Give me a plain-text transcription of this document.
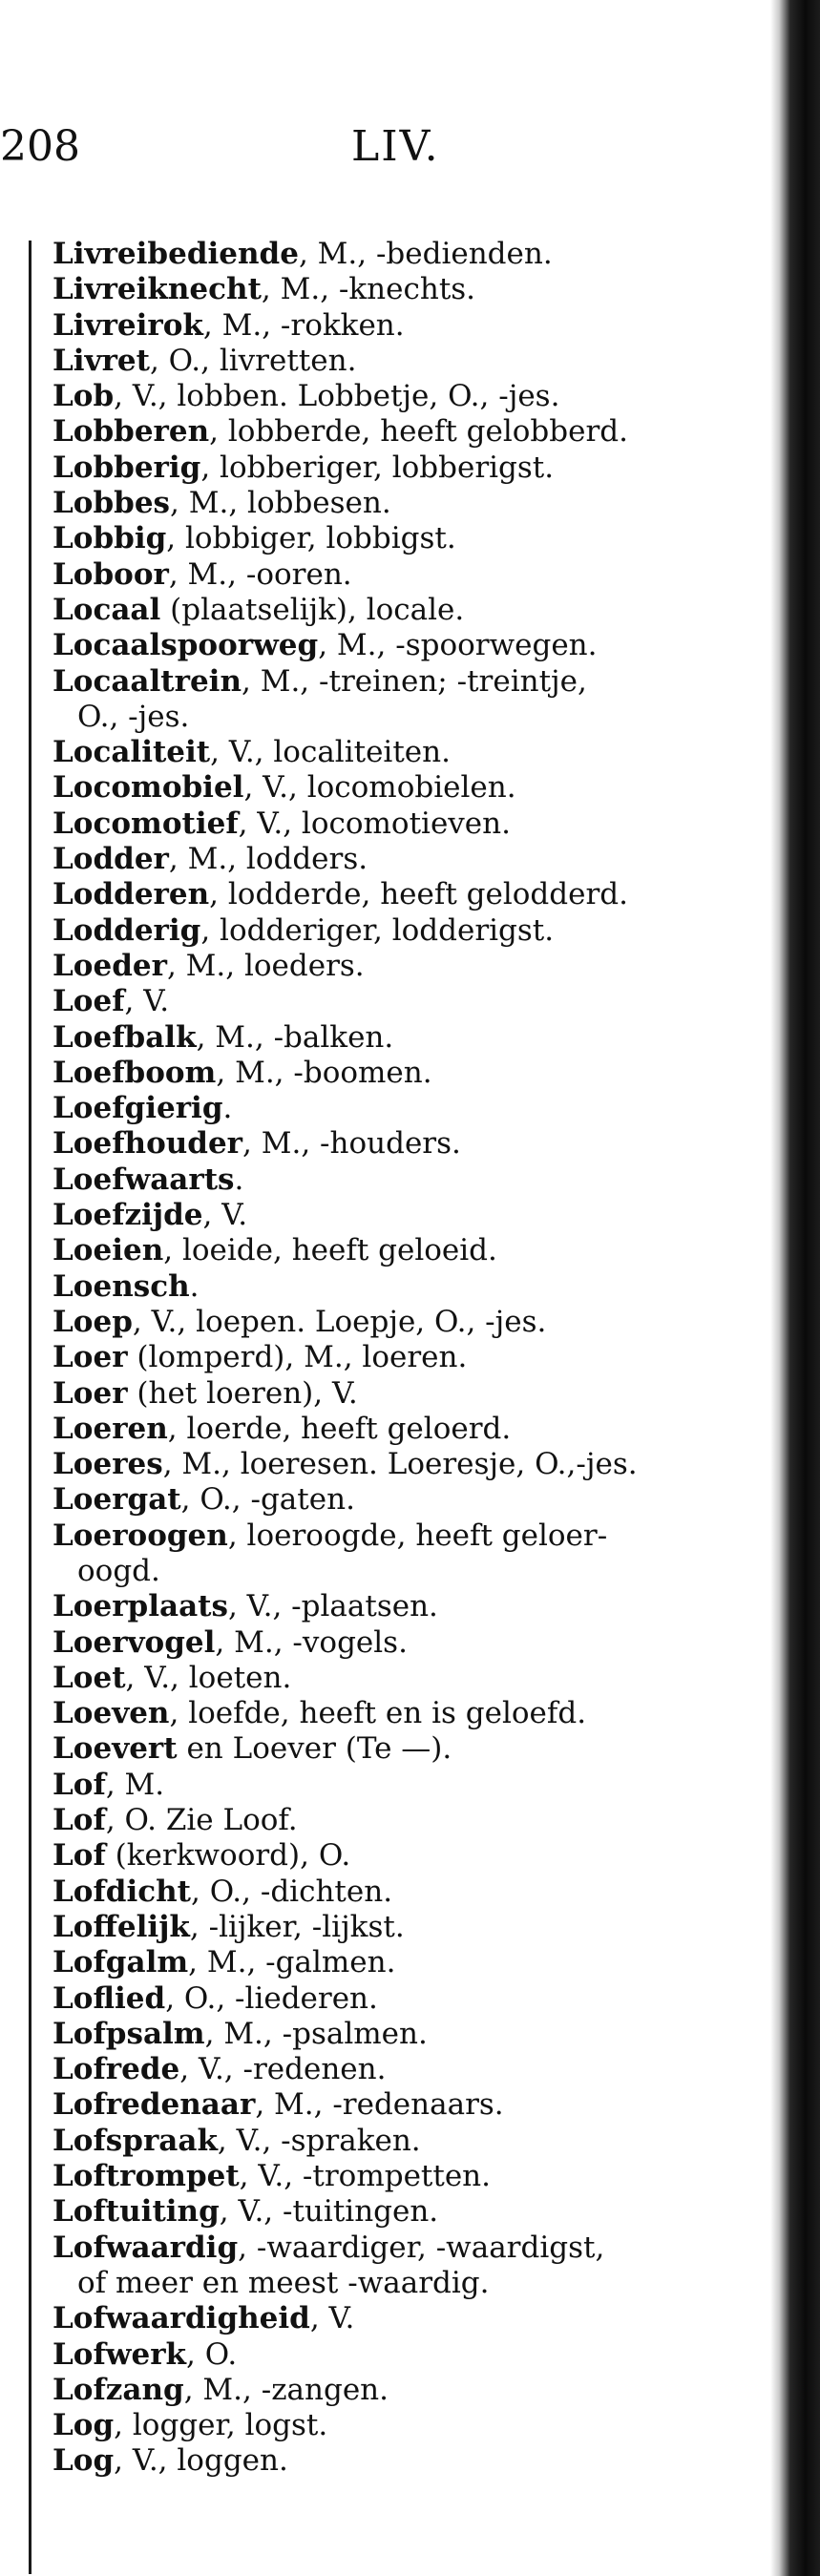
208	LIV.
Livreibediende, M., -bedienden.
Livreiknecht, M., -knechts.
Livreirok, M., -rokken.
Livret, O., livretten.
Lob, V., lobben. Lobbetje, O., -jes.
Lobberen, lobberde, heeft gelobberd.
Lobberig, lobberiger, lobberigst.
Lobbes, M., lobbesen.
Lobbig, lobbiger, lobbigst.
Loboor, M., -ooren.
Locaal (plaatselijk), locale.
Locaalspoorweg, M., -spoorwegen.
Locaaltrein, M., -treinen; -treintje,
O., -jes.
Localiteit, V., localiteiten.
Locomobiel, V., locomobielen.
Locomotief, V., locomotieven.
Lodder, M., lodders.
Lodderen, lodderde, heeft gelodderd.
Lodderig, lodderiger, lodderigst.
Loeder, M., loeders.
Loef, V.
Loefbalk, M., -balken.
Loefboom, M., -boomen.
Loefgierig.
Loefhouder, M., -houders.
Loefwaarts.
Loefzijde, V.
Loeien, loeide, heeft geloeid.
Loensch.
Loep, V., loepen. Loepje, O., -jes.
Loer (lomperd), M., loeren.
Loer (het loeren), V.
Loeren, loerde, heeft geloerd.
Loeres, M., loeresen. Loeresje, O.,-jes.
Loergat, O., -gaten.
Loeroogen, loeroogde, heeft geloer-
oogd.
Loerplaats, V., -plaatsen.
Loervogel, M., -vogels.
Loet, V., loeten.
Loeven, loefde, heeft en is geloefd.
Loevert en Loever (Te —).
Lof, M.
Lof, O. Zie Loof.
Lof (kerkwoord), O.
Lofdicht, O., -dichten.
Loffelijk, -lijker, -lijkst.
Lofgalm, M., -galmen.
Loflied, O., -liederen.
Lofpsalm, M., -psalmen.
Lofrede, V., -redenen.
Lofredenaar, M., -redenaars.
Lofspraak, V., -spraken.
Loftrompet, V., -trompetten.
Loftuiting, V., -tuitingen.
Lofwaardig, -waardiger, -waardigst,
of meer en meest -waardig.
Lofwaardigheid, V.
Lofwerk, O.
Lofzang, M., -zangen.
Log, logger, logst.
Log, V., loggen.
